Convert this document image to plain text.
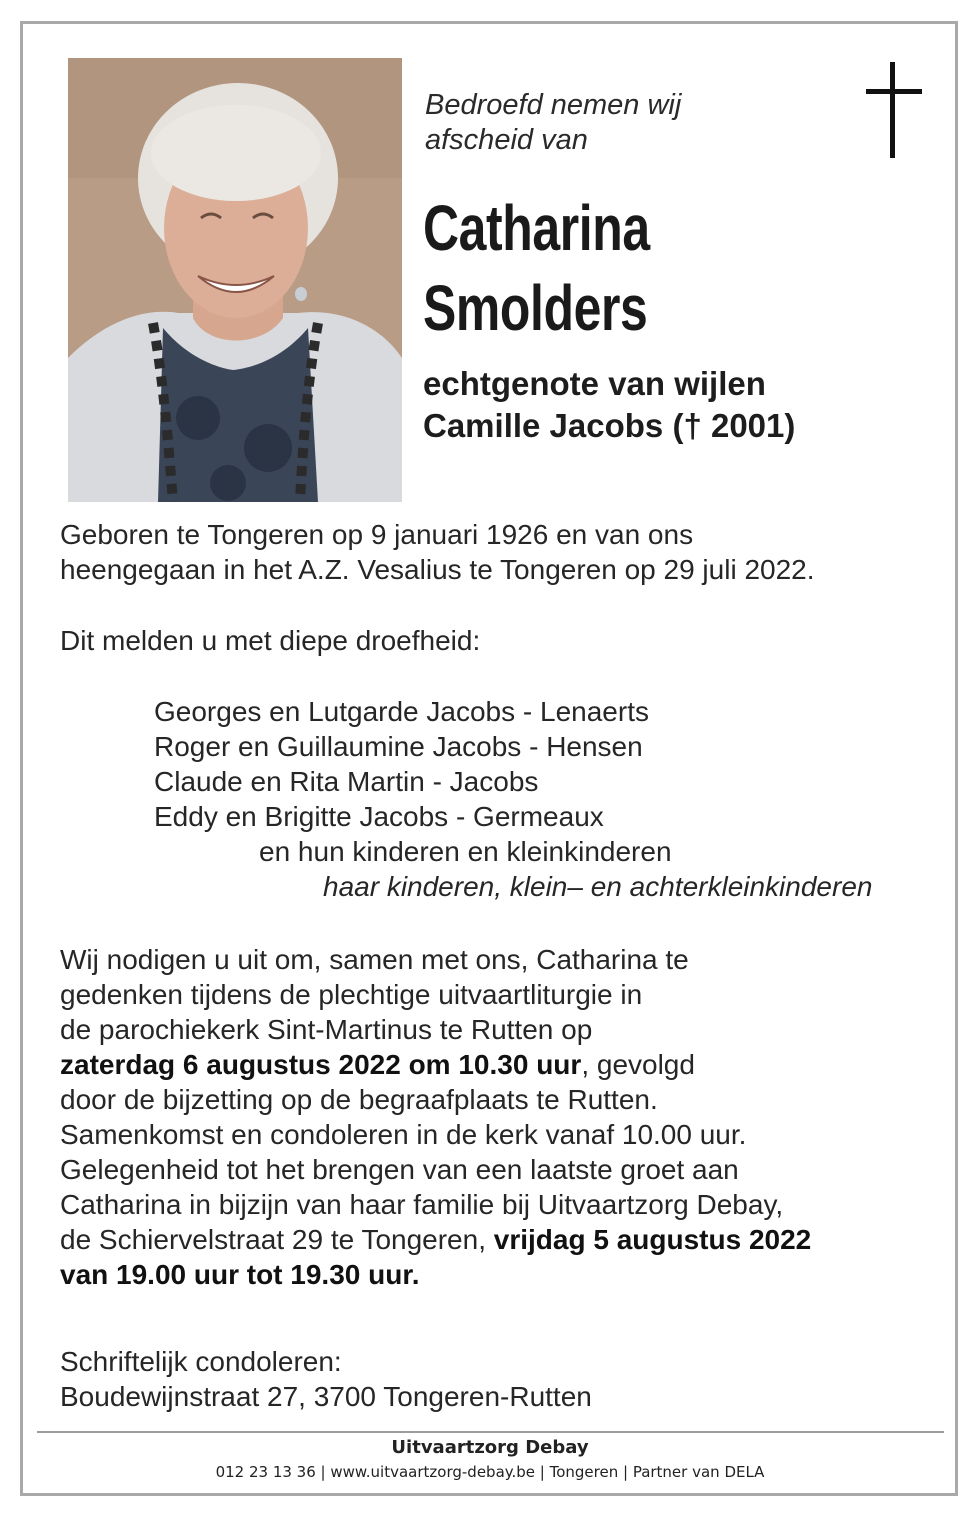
Bedroefd nemen wij
afscheid van
Catharina
Smolders
echtgenote van wijlen
Camille Jacobs († 2001)
Geboren te Tongeren op 9 januari 1926 en van ons
heengegaan in het A.Z. Vesalius te Tongeren op 29 juli 2022.
Dit melden u met diepe droefheid:
Georges en Lutgarde Jacobs - Lenaerts
Roger en Guillaumine Jacobs - Hensen
Claude en Rita Martin - Jacobs
Eddy en Brigitte Jacobs - Germeaux
en hun kinderen en kleinkinderen
haar kinderen, klein– en achterkleinkinderen
Wij nodigen u uit om, samen met ons, Catharina te
gedenken tijdens de plechtige uitvaartliturgie in
de parochiekerk Sint-Martinus te Rutten op
zaterdag 6 augustus 2022 om 10.30 uur, gevolgd
door de bijzetting op de begraafplaats te Rutten.
Samenkomst en condoleren in de kerk vanaf 10.00 uur.
Gelegenheid tot het brengen van een laatste groet aan
Catharina in bijzijn van haar familie bij Uitvaartzorg Debay,
de Schiervelstraat 29 te Tongeren, vrijdag 5 augustus 2022
van 19.00 uur tot 19.30 uur.
Schriftelijk condoleren:
Boudewijnstraat 27, 3700 Tongeren-Rutten
Uitvaartzorg Debay
012 23 13 36 | www.uitvaartzorg-debay.be | Tongeren | Partner van DELA
